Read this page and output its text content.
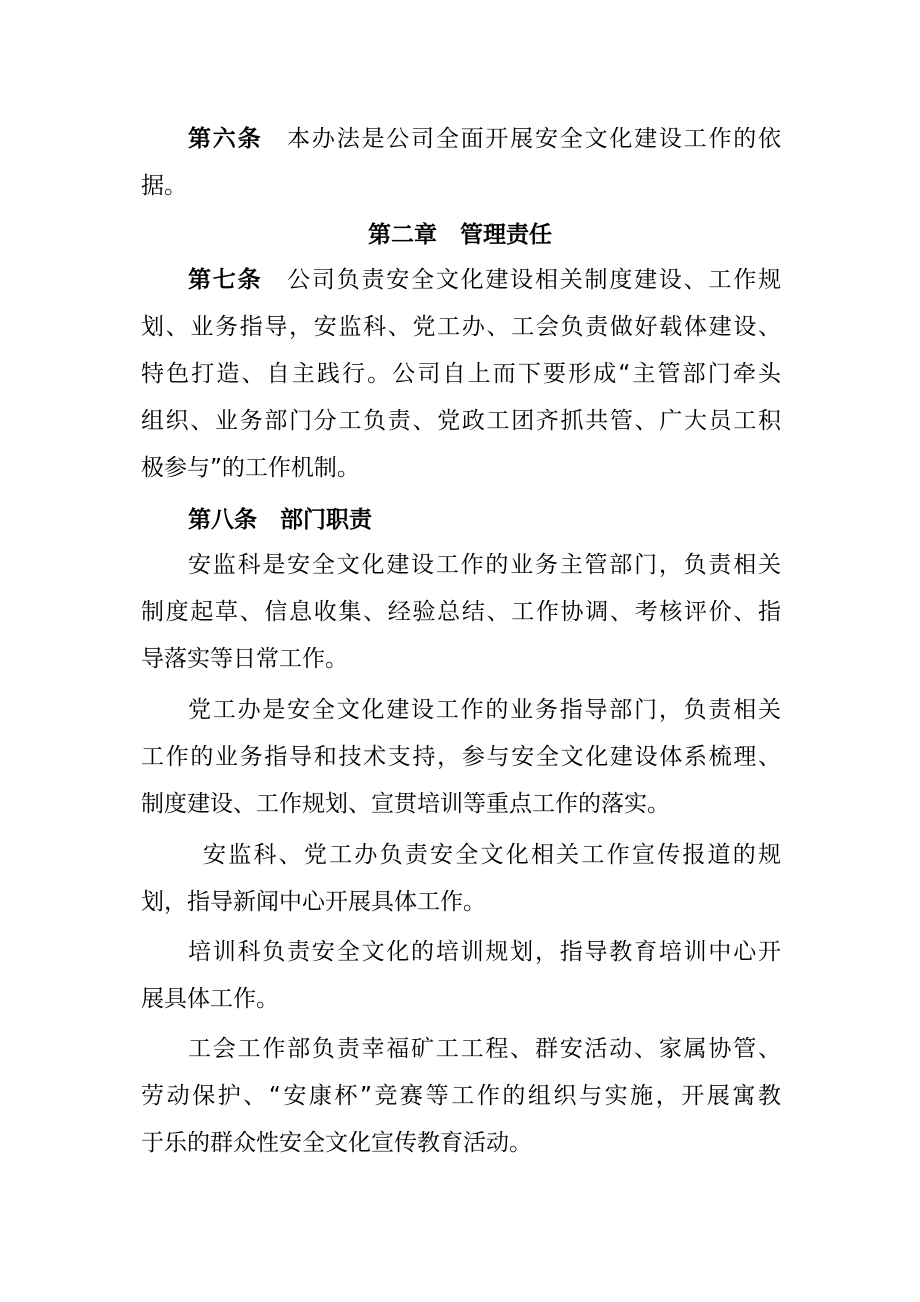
第六条 本办法是公司全面开展安全文化建设工作的依
据。
第二章　管理责任
第七条 公司负责安全文化建设相关制度建设、工作规
划、业务指导，安监科、党工办、工会负责做好载体建设、
特色打造、自主践行。公司自上而下要形成“主管部门牵头
组织、业务部门分工负责、党政工团齐抓共管、广大员工积
极参与”的工作机制。
第八条 部门职责
安监科是安全文化建设工作的业务主管部门，负责相关
制度起草、信息收集、经验总结、工作协调、考核评价、指
导落实等日常工作。
党工办是安全文化建设工作的业务指导部门，负责相关
工作的业务指导和技术支持，参与安全文化建设体系梳理、
制度建设、工作规划、宣贯培训等重点工作的落实。
安监科、党工办负责安全文化相关工作宣传报道的规
划，指导新闻中心开展具体工作。
培训科负责安全文化的培训规划，指导教育培训中心开
展具体工作。
工会工作部负责幸福矿工工程、群安活动、家属协管、
劳动保护、“安康杯”竞赛等工作的组织与实施，开展寓教
于乐的群众性安全文化宣传教育活动。
